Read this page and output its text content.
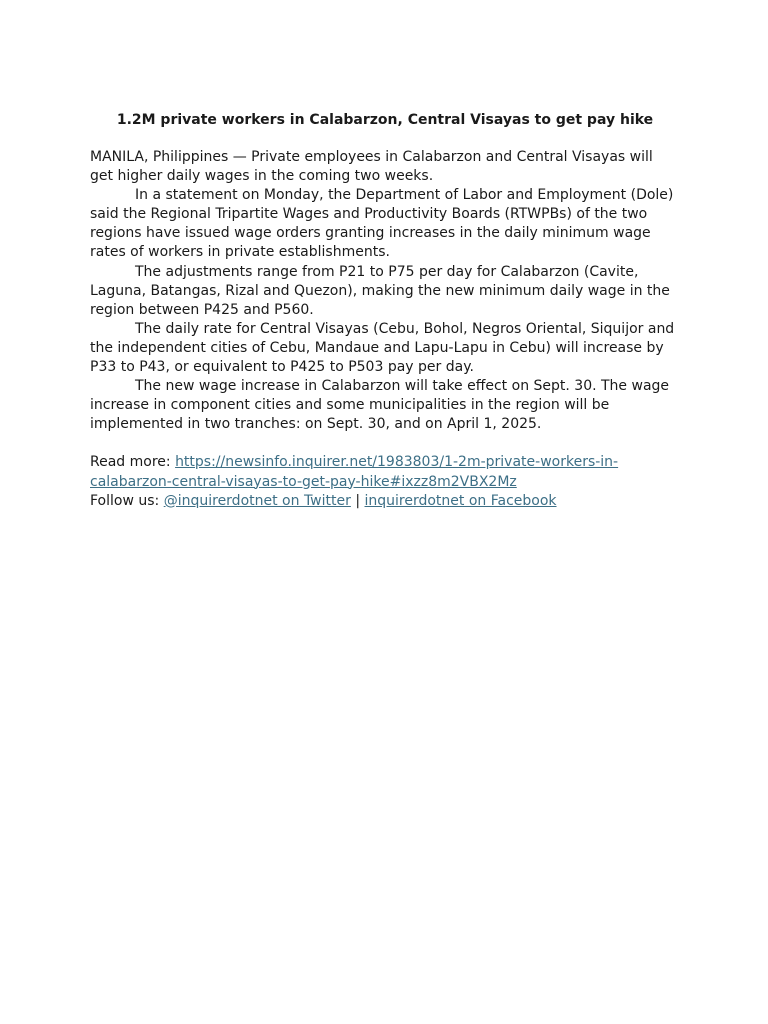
1.2M private workers in Calabarzon, Central Visayas to get pay hike

MANILA, Philippines — Private employees in Calabarzon and Central Visayas will get higher daily wages in the coming two weeks.

In a statement on Monday, the Department of Labor and Employment (Dole) said the Regional Tripartite Wages and Productivity Boards (RTWPBs) of the two regions have issued wage orders granting increases in the daily minimum wage rates of workers in private establishments.

The adjustments range from P21 to P75 per day for Calabarzon (Cavite, Laguna, Batangas, Rizal and Quezon), making the new minimum daily wage in the region between P425 and P560.

The daily rate for Central Visayas (Cebu, Bohol, Negros Oriental, Siquijor and the independent cities of Cebu, Mandaue and Lapu-Lapu in Cebu) will increase by P33 to P43, or equivalent to P425 to P503 pay per day.

The new wage increase in Calabarzon will take effect on Sept. 30. The wage increase in component cities and some municipalities in the region will be implemented in two tranches: on Sept. 30, and on April 1, 2025.

Read more: https://newsinfo.inquirer.net/1983803/1-2m-private-workers-in-calabarzon-central-visayas-to-get-pay-hike#ixzz8m2VBX2Mz

Follow us: @inquirerdotnet on Twitter | inquirerdotnet on Facebook
